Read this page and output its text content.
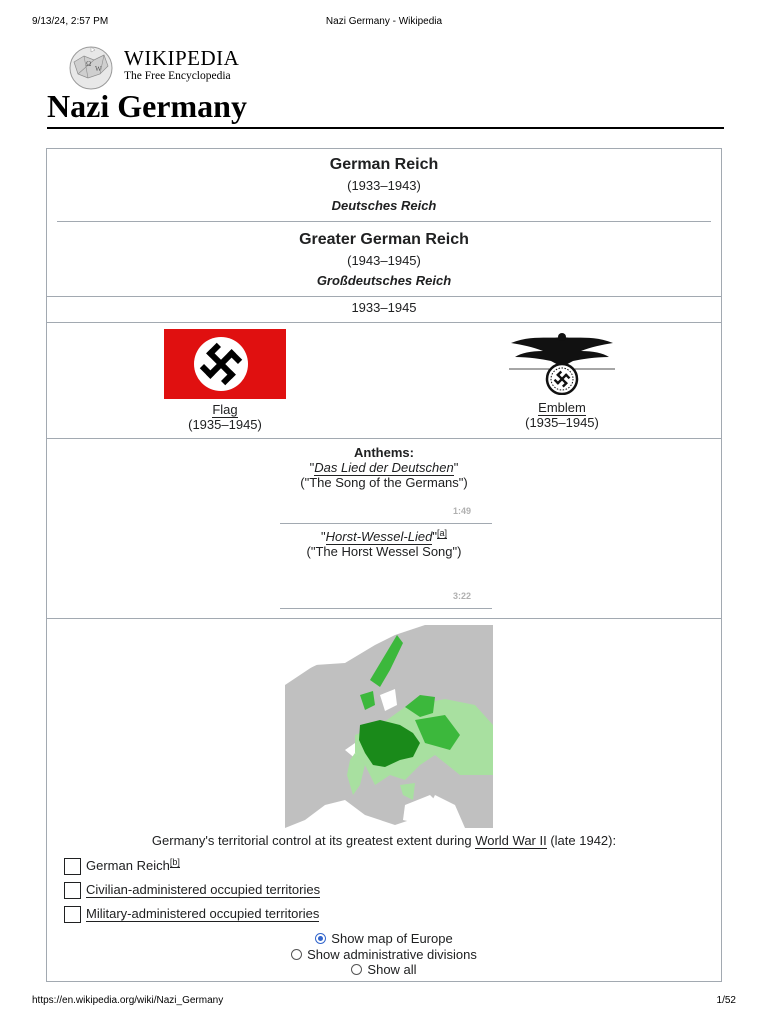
9/13/24, 2:57 PM	Nazi Germany - Wikipedia
Ω
W WIKIPEDIA
The Free Encyclopedia
Nazi Germany
German Reich
(1933–1943)
Deutsches Reich
Greater German Reich
(1943–1945)
Großdeutsches Reich
1933–1945
Flag
(1935–1945)
Emblem
(1935–1945)
Anthems:
"Das Lied der Deutschen"
("The Song of the Germans")
1:49
"Horst-Wessel-Lied"[a]
("The Horst Wessel Song")
3:22
Germany's territorial control at its greatest extent during World War II (late 1942):
German Reich[b]
Civilian-administered occupied territories
Military-administered occupied territories
Show map of Europe
Show administrative divisions
Show all
https://en.wikipedia.org/wiki/Nazi_Germany	1/52
